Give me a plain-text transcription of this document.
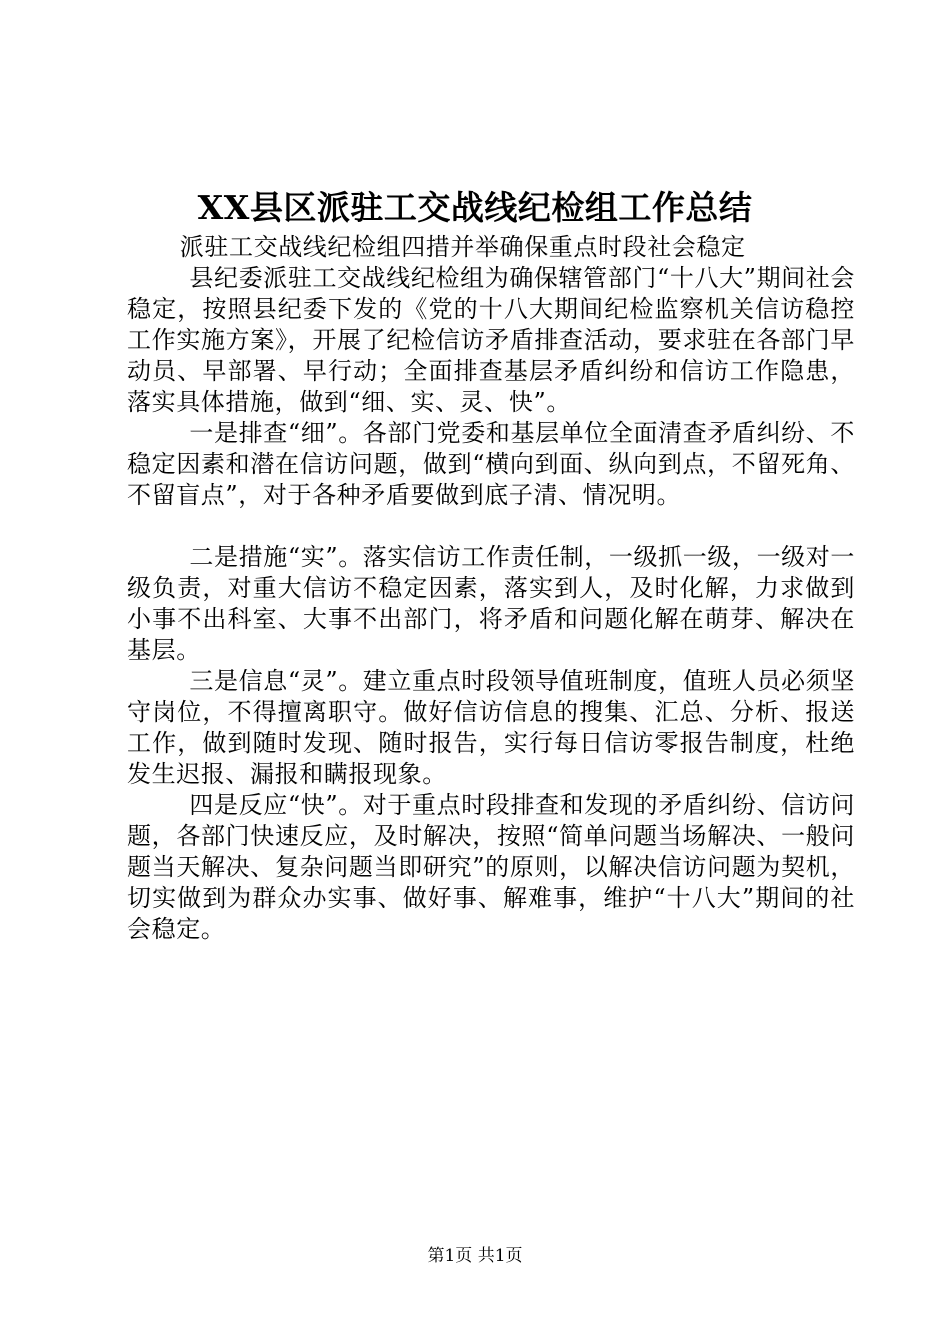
XX县区派驻工交战线纪检组工作总结

派驻工交战线纪检组四措并举确保重点时段社会稳定

县纪委派驻工交战线纪检组为确保辖管部门“十八大”期间社会稳定，按照县纪委下发的《党的十八大期间纪检监察机关信访稳控工作实施方案》，开展了纪检信访矛盾排查活动，要求驻在各部门早动员、早部署、早行动；全面排查基层矛盾纠纷和信访工作隐患，落实具体措施，做到“细、实、灵、快”。

一是排查“细”。各部门党委和基层单位全面清查矛盾纠纷、不稳定因素和潜在信访问题，做到“横向到面、纵向到点，不留死角、不留盲点”，对于各种矛盾要做到底子清、情况明。

二是措施“实”。落实信访工作责任制，一级抓一级，一级对一级负责，对重大信访不稳定因素，落实到人，及时化解，力求做到小事不出科室、大事不出部门，将矛盾和问题化解在萌芽、解决在基层。

三是信息“灵”。建立重点时段领导值班制度，值班人员必须坚守岗位，不得擅离职守。做好信访信息的搜集、汇总、分析、报送工作，做到随时发现、随时报告，实行每日信访零报告制度，杜绝发生迟报、漏报和瞒报现象。

四是反应“快”。对于重点时段排查和发现的矛盾纠纷、信访问题，各部门快速反应，及时解决，按照“简单问题当场解决、一般问题当天解决、复杂问题当即研究”的原则，以解决信访问题为契机，切实做到为群众办实事、做好事、解难事，维护“十八大”期间的社会稳定。

第1页 共1页
